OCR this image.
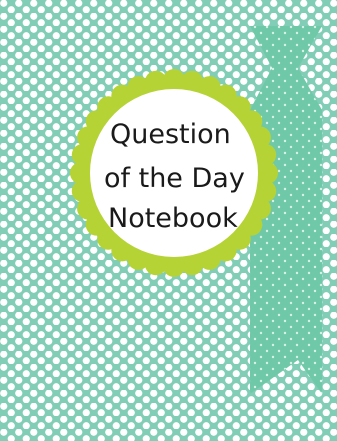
Question
of the Day
Notebook
